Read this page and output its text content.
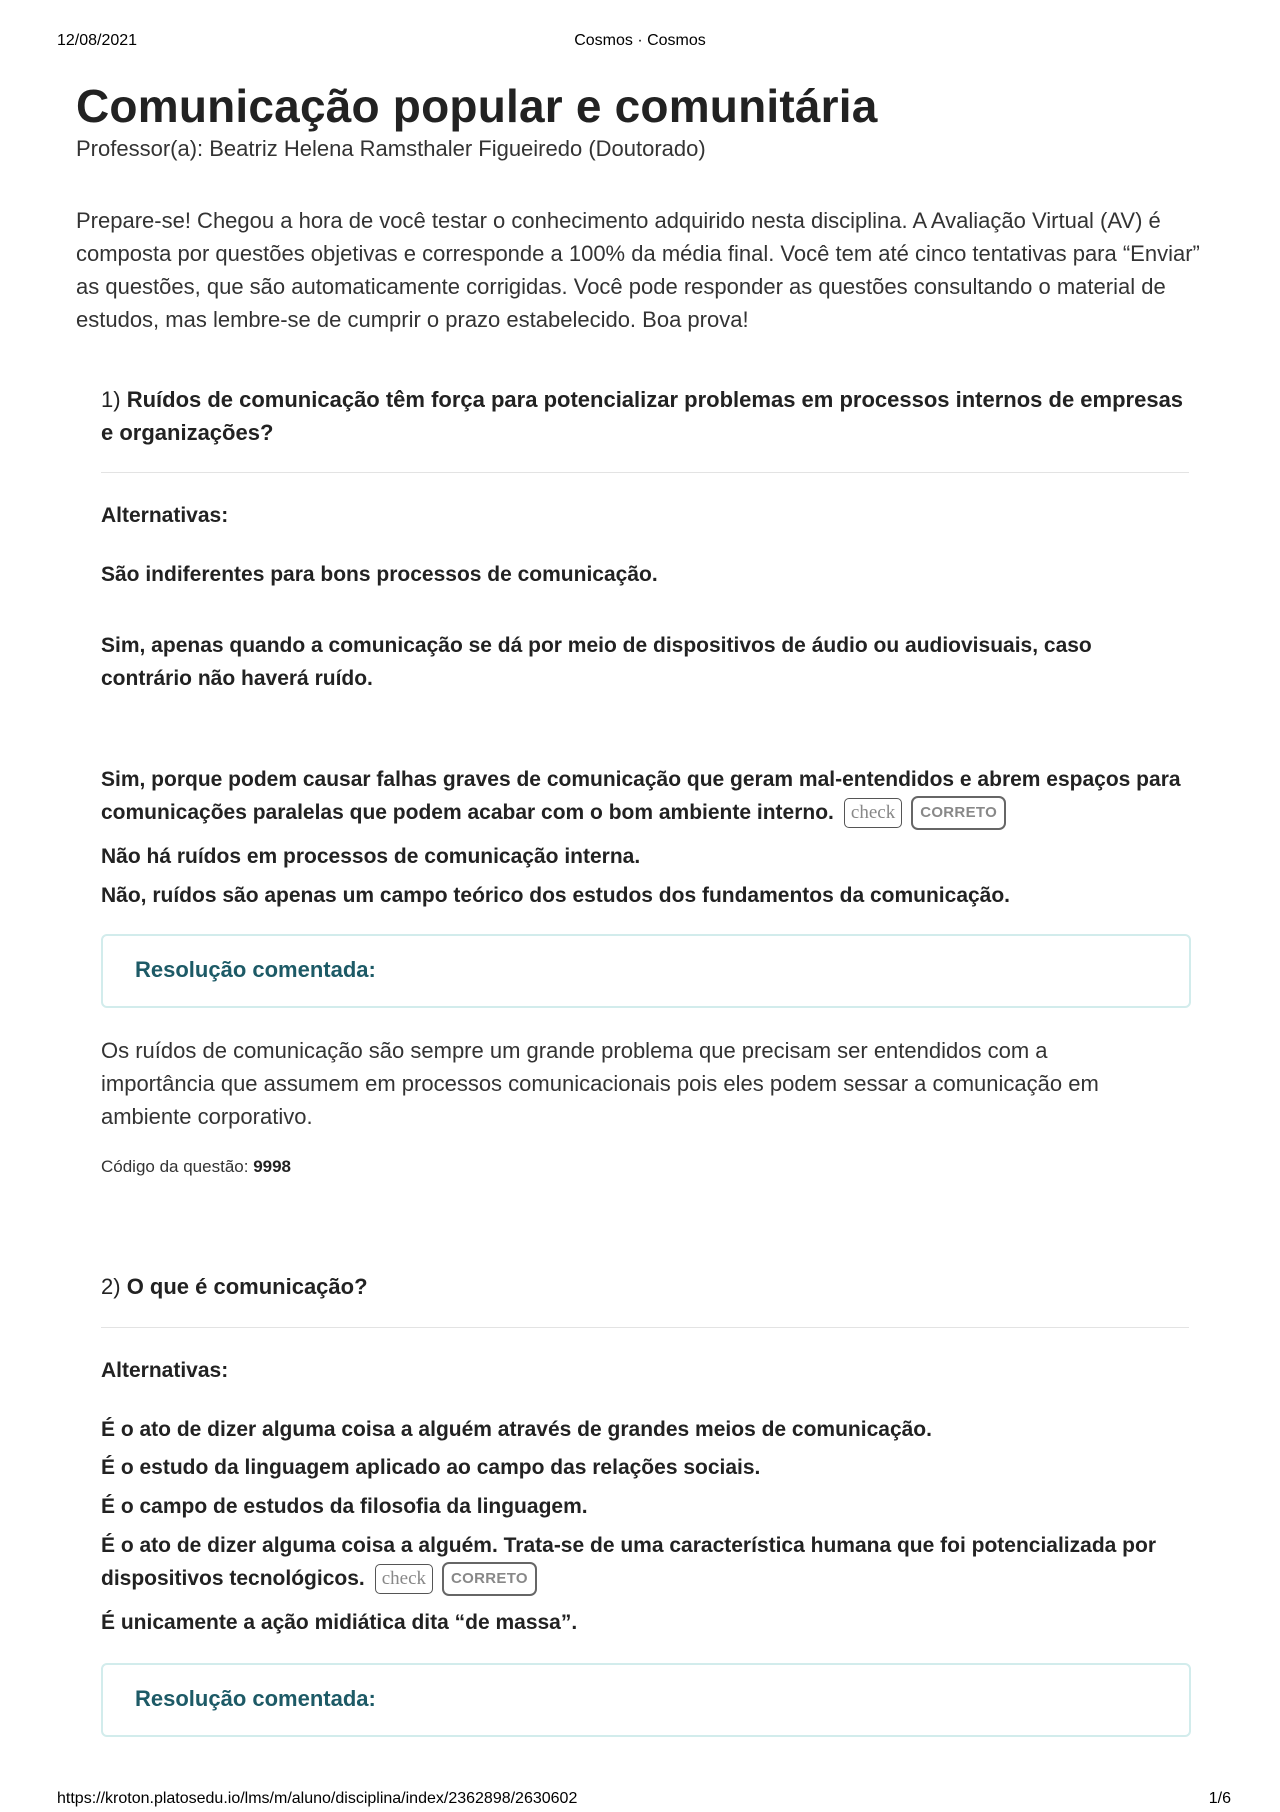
12/08/2021	Cosmos · Cosmos
Comunicação popular e comunitária
Professor(a): Beatriz Helena Ramsthaler Figueiredo (Doutorado)
Prepare-se! Chegou a hora de você testar o conhecimento adquirido nesta disciplina. A Avaliação Virtual (AV) é composta por questões objetivas e corresponde a 100% da média final. Você tem até cinco tentativas para “Enviar” as questões, que são automaticamente corrigidas. Você pode responder as questões consultando o material de estudos, mas lembre-se de cumprir o prazo estabelecido. Boa prova!
1) Ruídos de comunicação têm força para potencializar problemas em processos internos de empresas e organizações?
Alternativas:
São indiferentes para bons processos de comunicação.
Sim, apenas quando a comunicação se dá por meio de dispositivos de áudio ou audiovisuais, caso contrário não haverá ruído.
Sim, porque podem causar falhas graves de comunicação que geram mal-entendidos e abrem espaços para comunicações paralelas que podem acabar com o bom ambiente interno. check CORRETO
Não há ruídos em processos de comunicação interna.
Não, ruídos são apenas um campo teórico dos estudos dos fundamentos da comunicação.
Resolução comentada:
Os ruídos de comunicação são sempre um grande problema que precisam ser entendidos com a importância que assumem em processos comunicacionais pois eles podem sessar a comunicação em ambiente corporativo.
Código da questão: 9998
2) O que é comunicação?
Alternativas:
É o ato de dizer alguma coisa a alguém através de grandes meios de comunicação.
É o estudo da linguagem aplicado ao campo das relações sociais.
É o campo de estudos da filosofia da linguagem.
É o ato de dizer alguma coisa a alguém. Trata-se de uma característica humana que foi potencializada por dispositivos tecnológicos. check CORRETO
É unicamente a ação midiática dita “de massa”.
Resolução comentada:
https://kroton.platosedu.io/lms/m/aluno/disciplina/index/2362898/2630602	1/6
